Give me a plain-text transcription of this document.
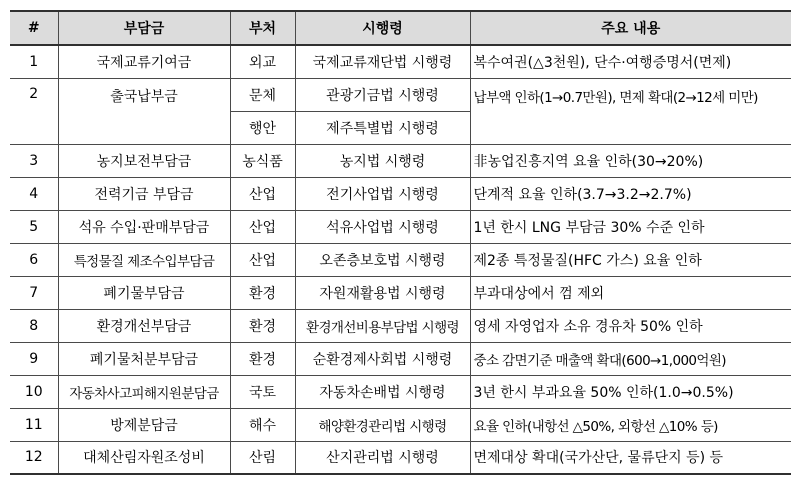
#	부담금	부처	시행령	주요 내용
1	국제교류기여금	외교	국제교류재단법 시행령	복수여권(△3천원), 단수·여행증명서(면제)
2	출국납부금	문체	관광기금법 시행령	납부액 인하(1→0.7만원), 면제 확대(2→12세 미만)
		행안	제주특별법 시행령	
3	농지보전부담금	농식품	농지법 시행령	非농업진흥지역 요율 인하(30→20%)
4	전력기금 부담금	산업	전기사업법 시행령	단계적 요율 인하(3.7→3.2→2.7%)
5	석유 수입·판매부담금	산업	석유사업법 시행령	1년 한시 LNG 부담금 30% 수준 인하
6	특정물질 제조수입부담금	산업	오존층보호법 시행령	제2종 특정물질(HFC 가스) 요율 인하
7	폐기물부담금	환경	자원재활용법 시행령	부과대상에서 껌 제외
8	환경개선부담금	환경	환경개선비용부담법 시행령	영세 자영업자 소유 경유차 50% 인하
9	폐기물처분부담금	환경	순환경제사회법 시행령	중소 감면기준 매출액 확대(600→1,000억원)
10	자동차사고피해지원분담금	국토	자동차손배법 시행령	3년 한시 부과요율 50% 인하(1.0→0.5%)
11	방제분담금	해수	해양환경관리법 시행령	요율 인하(내항선 △50%, 외항선 △10% 등)
12	대체산림자원조성비	산림	산지관리법 시행령	면제대상 확대(국가산단, 물류단지 등) 등
